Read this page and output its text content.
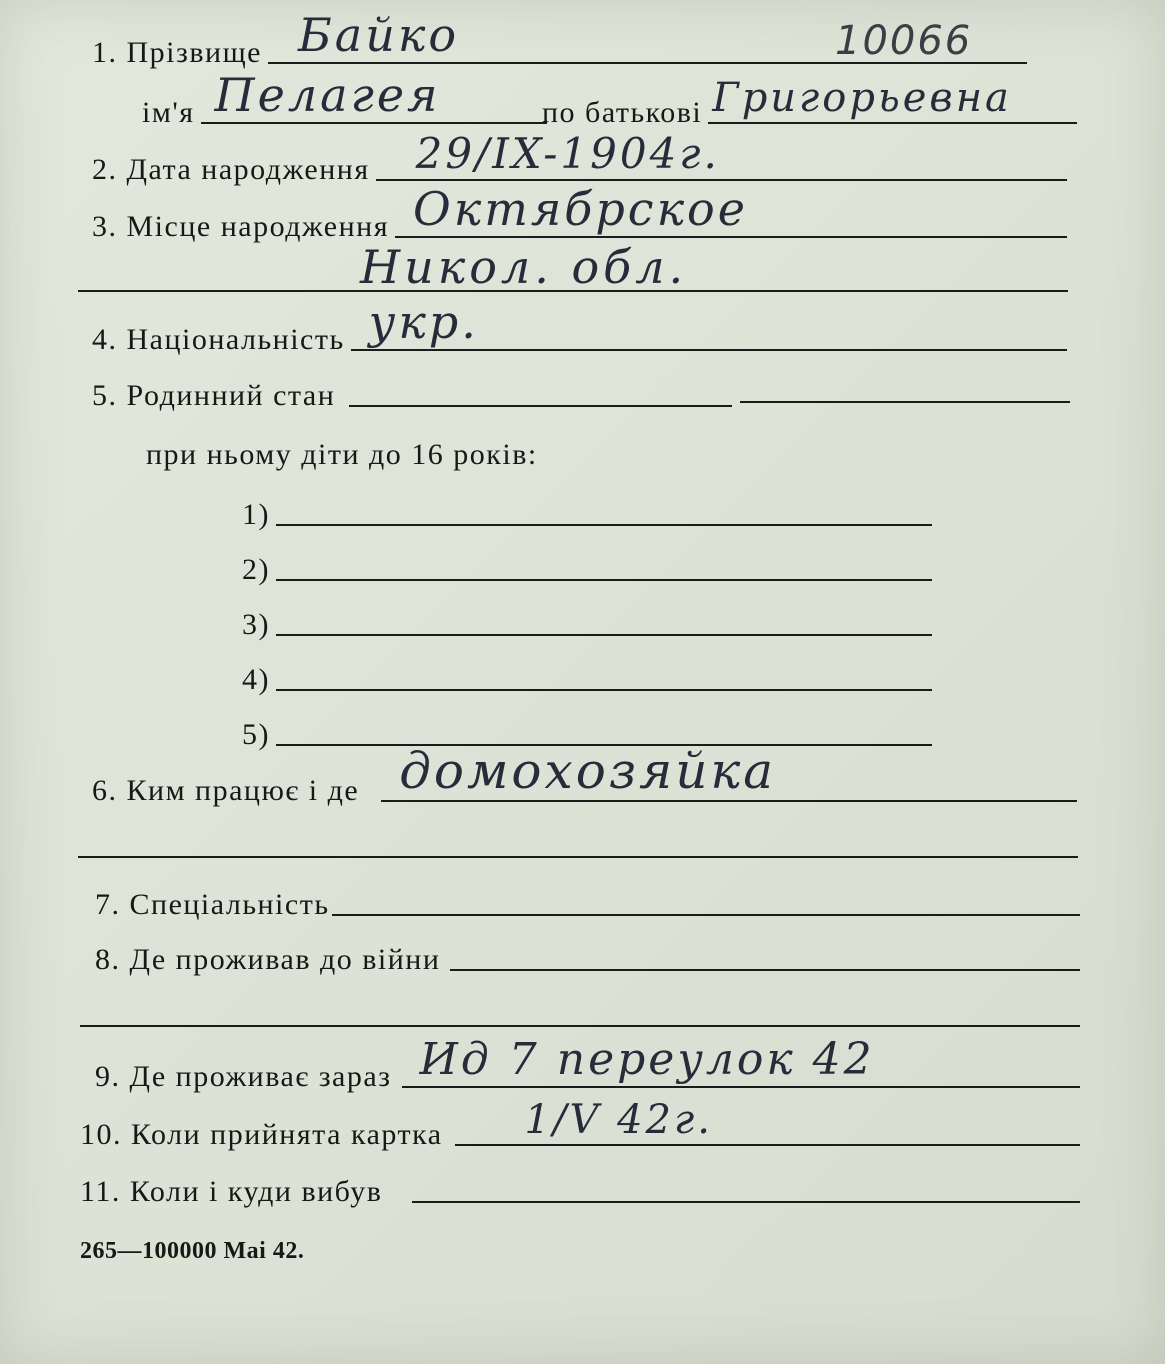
10066
1. Прізвище Байко
ім'я Пелагея	по батькові Григорьевна
2. Дата народження 29/IX-1904г.
3. Місце народження Октябрское
Никол. обл.
4. Національність укр.
5. Родинний стан
при ньому діти до 16 років:
1)
2)
3)
4)
5)
6. Ким працює і де домохозяйка
7. Спеціальність
8. Де проживав до війни
9. Де проживає зараз Ид 7 переулок 42
10. Коли прийнята картка 1/V 42г.
11. Коли і куди вибув
265—100000 Mai 42.
